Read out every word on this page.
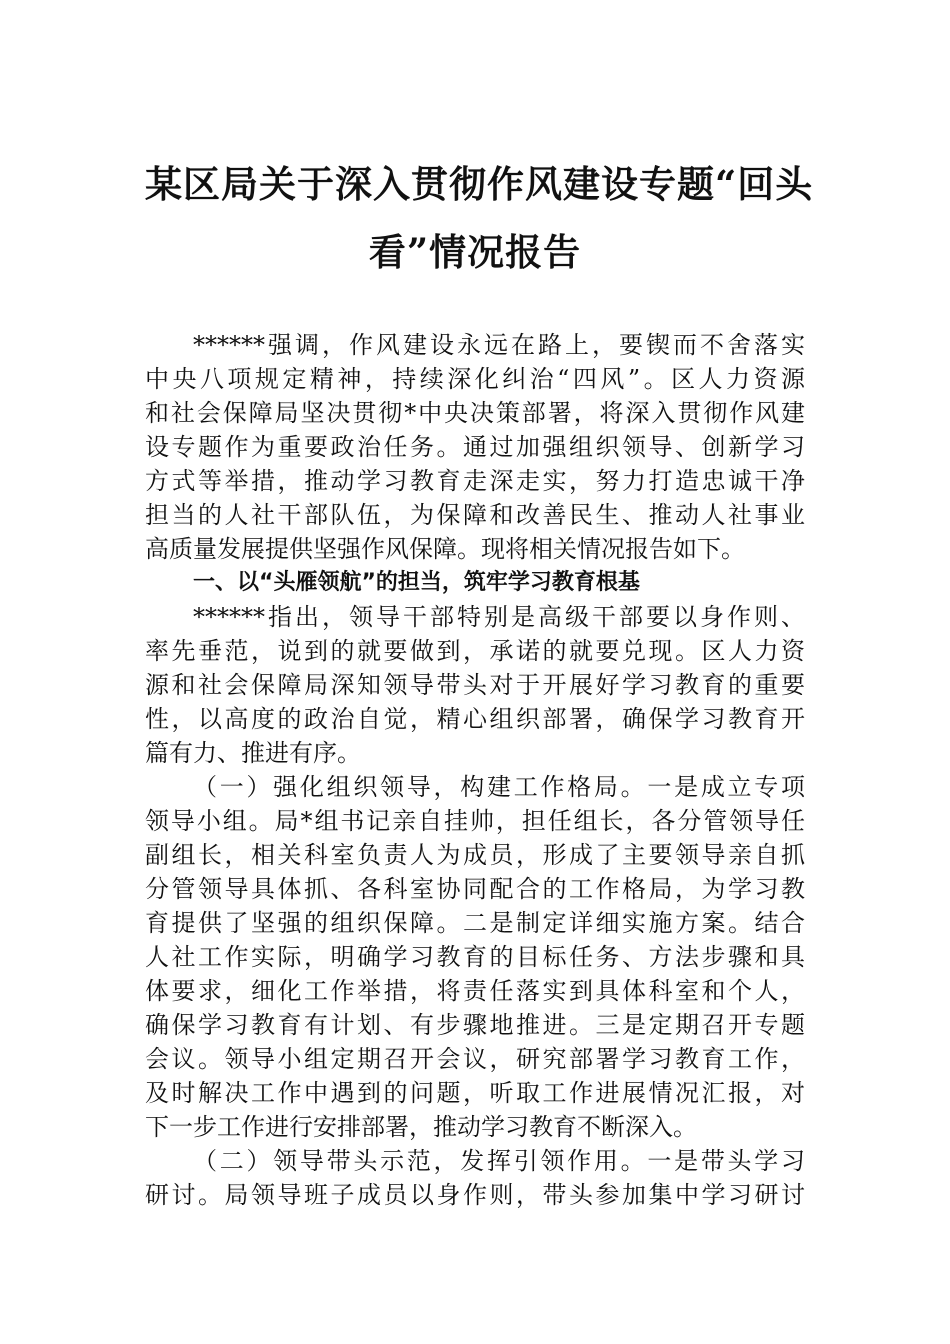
某区局关于深入贯彻作风建设专题“回头
看”情况报告
******强调，作风建设永远在路上，要锲而不舍落实
中央八项规定精神，持续深化纠治“四风”。区人力资源
和社会保障局坚决贯彻*中央决策部署，将深入贯彻作风建
设专题作为重要政治任务。通过加强组织领导、创新学习
方式等举措，推动学习教育走深走实，努力打造忠诚干净
担当的人社干部队伍，为保障和改善民生、推动人社事业
高质量发展提供坚强作风保障。现将相关情况报告如下。
一、以“头雁领航”的担当，筑牢学习教育根基
******指出，领导干部特别是高级干部要以身作则、
率先垂范，说到的就要做到，承诺的就要兑现。区人力资
源和社会保障局深知领导带头对于开展好学习教育的重要
性，以高度的政治自觉，精心组织部署，确保学习教育开
篇有力、推进有序。
（一）强化组织领导，构建工作格局。一是成立专项
领导小组。局*组书记亲自挂帅，担任组长，各分管领导任
副组长，相关科室负责人为成员，形成了主要领导亲自抓
分管领导具体抓、各科室协同配合的工作格局，为学习教
育提供了坚强的组织保障。二是制定详细实施方案。结合
人社工作实际，明确学习教育的目标任务、方法步骤和具
体要求，细化工作举措，将责任落实到具体科室和个人，
确保学习教育有计划、有步骤地推进。三是定期召开专题
会议。领导小组定期召开会议，研究部署学习教育工作，
及时解决工作中遇到的问题，听取工作进展情况汇报，对
下一步工作进行安排部署，推动学习教育不断深入。
（二）领导带头示范，发挥引领作用。一是带头学习
研讨。局领导班子成员以身作则，带头参加集中学习研讨
